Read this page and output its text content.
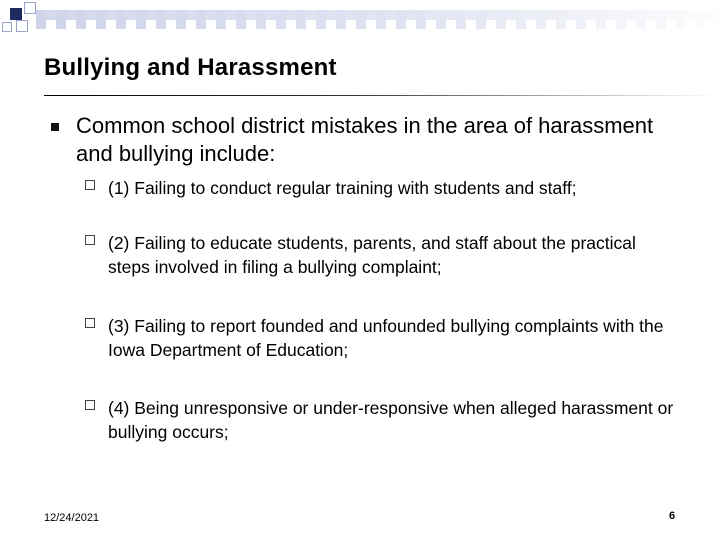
Bullying and Harassment
Common school district mistakes in the area of harassment and bullying include:
(1) Failing to conduct regular training with students and staff;
(2) Failing to educate students, parents, and staff about the practical steps involved in filing a bullying complaint;
(3) Failing to report founded and unfounded bullying complaints with the Iowa Department of Education;
(4) Being unresponsive or under-responsive when alleged harassment or bullying occurs;
12/24/2021	6
